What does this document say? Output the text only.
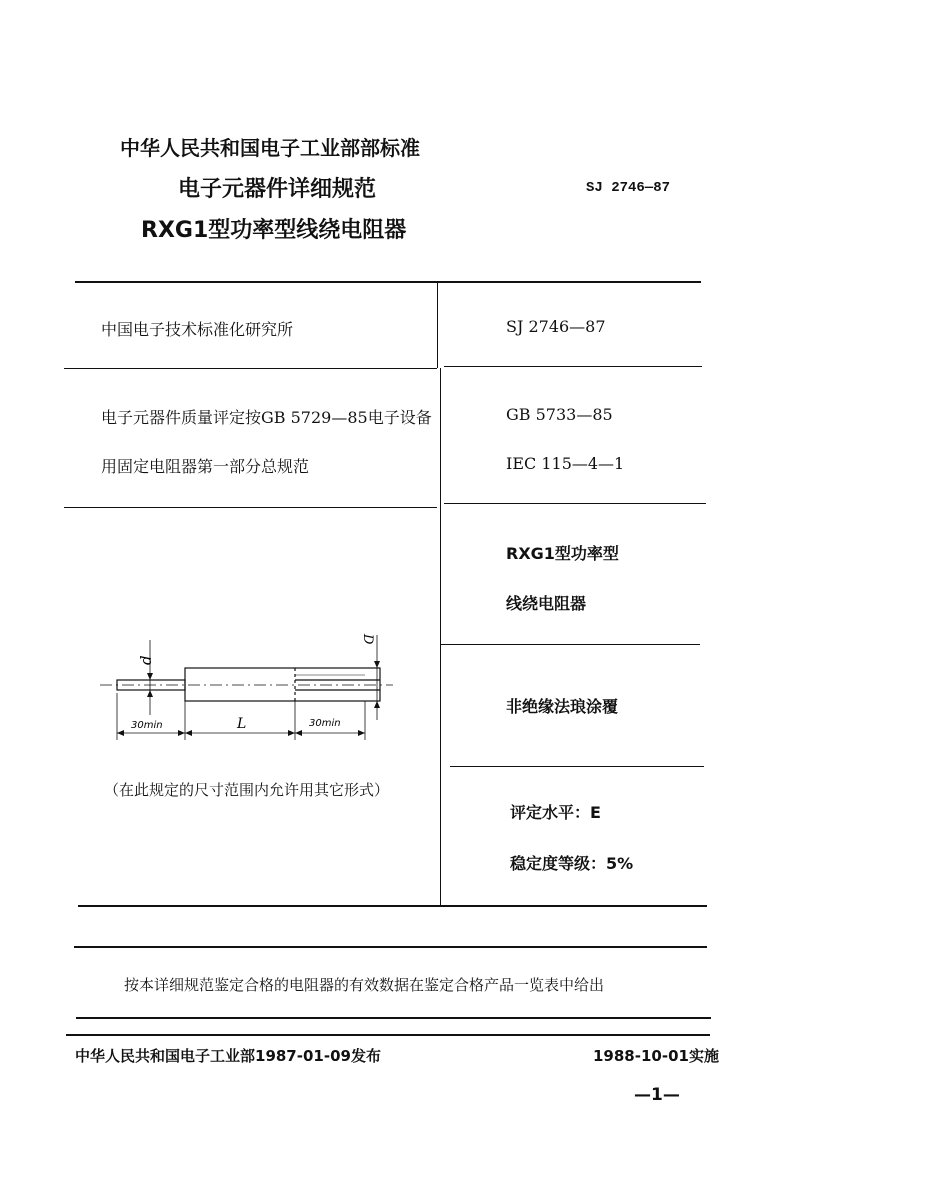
中华人民共和国电子工业部部标准
电子元器件详细规范
RXG1型功率型线绕电阻器
SJ 2746—87
中国电子技术标准化研究所	SJ 2746—87
电子元器件质量评定按GB 5729—85电子设备
用固定电阻器第一部分总规范
GB 5733—85
IEC 115—4—1
RXG1型功率型
线绕电阻器
非绝缘法琅涂覆
评定水平：E
稳定度等级：5%
d
D
30min	L	30min
（在此规定的尺寸范围内允许用其它形式）
按本详细规范鉴定合格的电阻器的有效数据在鉴定合格产品一览表中给出
中华人民共和国电子工业部1987-01-09发布	1988-10-01实施
—1—
